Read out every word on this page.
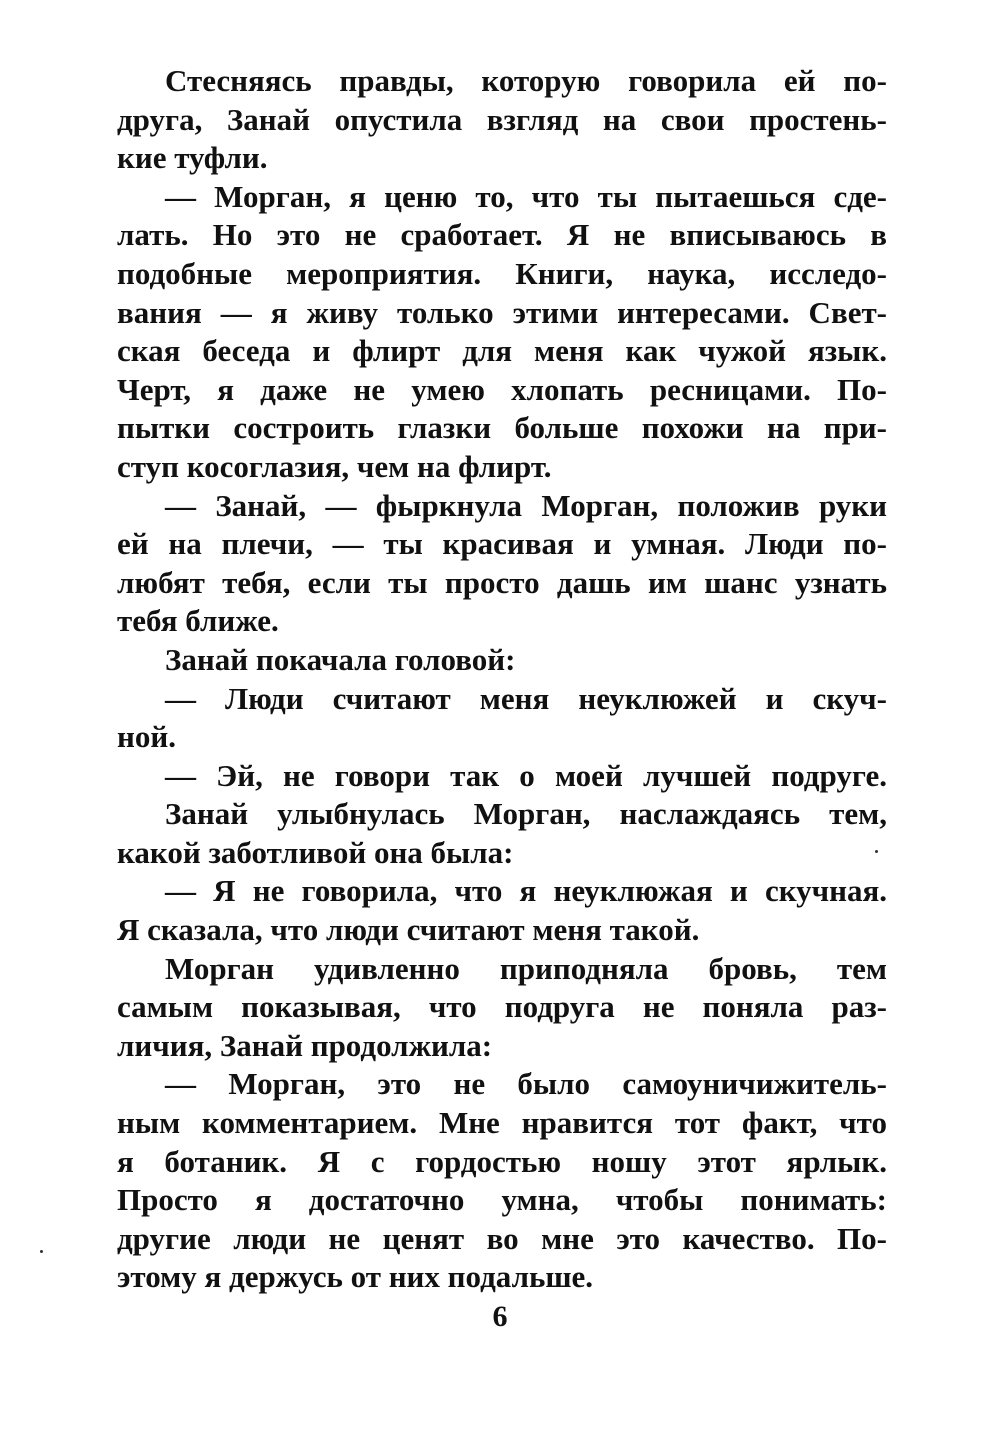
Стесняясь правды, которую говорила ей по-
друга, Занай опустила взгляд на свои простень-
кие туфли.
— Морган, я ценю то, что ты пытаешься сде-
лать. Но это не сработает. Я не вписываюсь в
подобные мероприятия. Книги, наука, исследо-
вания — я живу только этими интересами. Свет-
ская беседа и флирт для меня как чужой язык.
Черт, я даже не умею хлопать ресницами. По-
пытки состроить глазки больше похожи на при-
ступ косоглазия, чем на флирт.
— Занай, — фыркнула Морган, положив руки
ей на плечи, — ты красивая и умная. Люди по-
любят тебя, если ты просто дашь им шанс узнать
тебя ближе.
Занай покачала головой:
— Люди считают меня неуклюжей и скуч-
ной.
— Эй, не говори так о моей лучшей подруге.
Занай улыбнулась Морган, наслаждаясь тем,
какой заботливой она была:
— Я не говорила, что я неуклюжая и скучная.
Я сказала, что люди считают меня такой.
Морган удивленно приподняла бровь, тем
самым показывая, что подруга не поняла раз-
личия, Занай продолжила:
— Морган, это не было самоуничижитель-
ным комментарием. Мне нравится тот факт, что
я ботаник. Я с гордостью ношу этот ярлык.
Просто я достаточно умна, чтобы понимать:
другие люди не ценят во мне это качество. По-
этому я держусь от них подальше.
6
